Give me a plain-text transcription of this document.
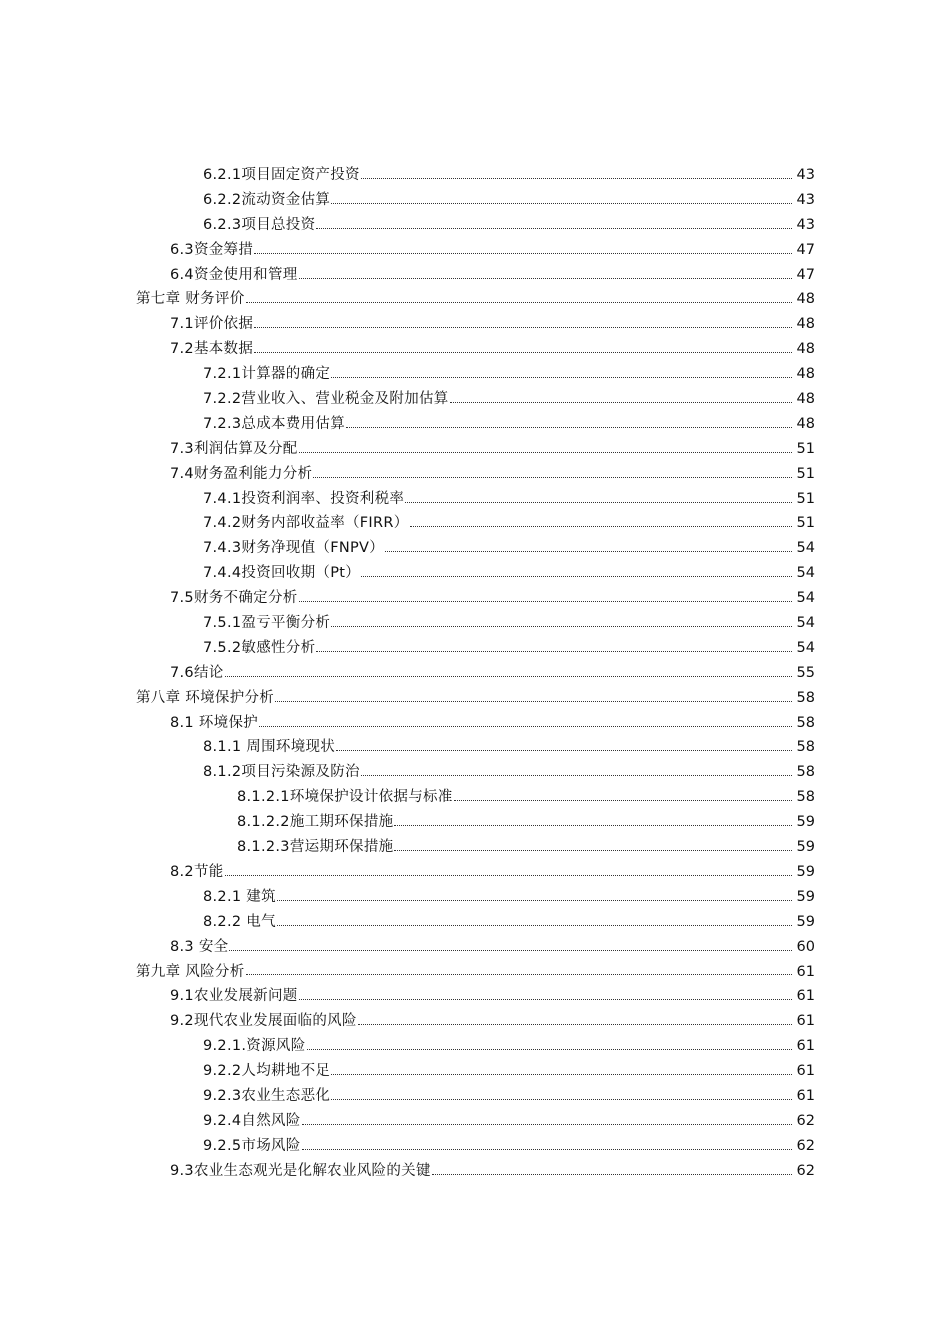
6.2.1项目固定资产投资	43
6.2.2流动资金估算	43
6.2.3项目总投资	43
6.3资金筹措	47
6.4资金使用和管理	47
第七章 财务评价	48
7.1评价依据	48
7.2基本数据	48
7.2.1计算器的确定	48
7.2.2营业收入、营业税金及附加估算	48
7.2.3总成本费用估算	48
7.3利润估算及分配	51
7.4财务盈利能力分析	51
7.4.1投资利润率、投资利税率	51
7.4.2财务内部收益率（FIRR）	51
7.4.3财务净现值（FNPV）	54
7.4.4投资回收期（Pt）	54
7.5财务不确定分析	54
7.5.1盈亏平衡分析	54
7.5.2敏感性分析	54
7.6结论	55
第八章 环境保护分析	58
8.1 环境保护	58
8.1.1 周围环境现状	58
8.1.2项目污染源及防治	58
8.1.2.1环境保护设计依据与标准	58
8.1.2.2施工期环保措施	59
8.1.2.3营运期环保措施	59
8.2节能	59
8.2.1 建筑	59
8.2.2 电气	59
8.3 安全	60
第九章 风险分析	61
9.1农业发展新问题	61
9.2现代农业发展面临的风险	61
9.2.1.资源风险	61
9.2.2人均耕地不足	61
9.2.3农业生态恶化	61
9.2.4自然风险	62
9.2.5市场风险	62
9.3农业生态观光是化解农业风险的关键	62
